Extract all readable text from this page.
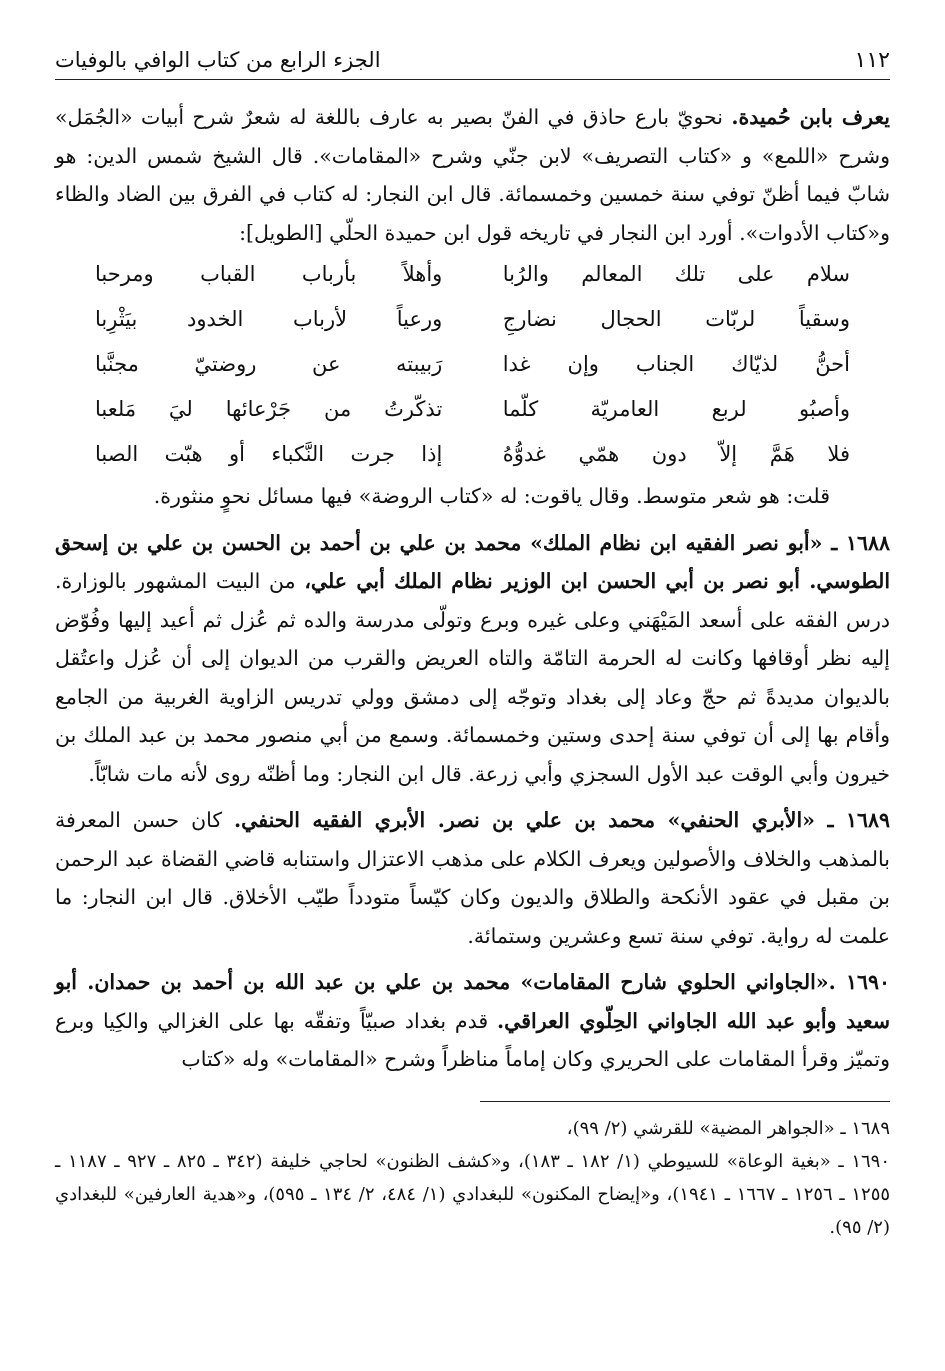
١١٢
الجزء الرابع من كتاب الوافي بالوفيات

يعرف بابن حُميدة. نحويّ بارع حاذق في الفنّ بصير به عارف باللغة له شعرٌ شرح أبيات «الجُمَل» وشرح «اللمع» و «كتاب التصريف» لابن جنّي وشرح «المقامات». قال الشيخ شمس الدين: هو شابّ فيما أظنّ توفي سنة خمسين وخمسمائة. قال ابن النجار: له كتاب في الفرق بين الضاد والظاء و«كتاب الأدوات». أورد ابن النجار في تاريخه قول ابن حميدة الحلّي [الطويل]:

سلام على تلك المعالم والرُبا
وأهلاً بأرباب القباب ومرحبا
وسقياً لربّات الحجال نضارجِ
ورعياً لأرباب الخدود بيَثْرِبا
أحنُّ لذيّاك الجناب وإن غدا
رَبيبته عن روضتيّ مجنَّبا
وأصبُو لربع العامريّة كلّما
تذكّرتُ من جَرْعائها ليَ مَلعبا
فلا هَمَّ إلاّ دون همّي غدوُّهُ
إذا جرت النَّكباء أو هبّت الصبا

قلت: هو شعر متوسط. وقال ياقوت: له «كتاب الروضة» فيها مسائل نحوٍ منثورة.

١٦٨٨ ـ «أبو نصر الفقيه ابن نظام الملك» محمد بن علي بن أحمد بن الحسن بن علي بن إسحق الطوسي. أبو نصر بن أبي الحسن ابن الوزير نظام الملك أبي علي، من البيت المشهور بالوزارة. درس الفقه على أسعد المَيْهَني وعلى غيره وبرع وتولّى مدرسة والده ثم عُزل ثم أعيد إليها وفُوّض إليه نظر أوقافها وكانت له الحرمة التامّة والتاه العريض والقرب من الديوان إلى أن عُزل واعتُقل بالديوان مديدةً ثم حجّ وعاد إلى بغداد وتوجّه إلى دمشق وولي تدريس الزاوية الغربية من الجامع وأقام بها إلى أن توفي سنة إحدى وستين وخمسمائة. وسمع من أبي منصور محمد بن عبد الملك بن خيرون وأبي الوقت عبد الأول السجزي وأبي زرعة. قال ابن النجار: وما أظنّه روى لأنه مات شابّاً.

١٦٨٩ ـ «الأبري الحنفي» محمد بن علي بن نصر. الأبري الفقيه الحنفي. كان حسن المعرفة بالمذهب والخلاف والأصولين ويعرف الكلام على مذهب الاعتزال واستنابه قاضي القضاة عبد الرحمن بن مقبل في عقود الأنكحة والطلاق والديون وكان كيّساً متودداً طيّب الأخلاق. قال ابن النجار: ما علمت له رواية. توفي سنة تسع وعشرين وستمائة.

١٦٩٠ .«الجاواني الحلوي شارح المقامات» محمد بن علي بن عبد الله بن أحمد بن حمدان. أبو سعيد وأبو عبد الله الجاواني الحِلّوي العراقي. قدم بغداد صبيّاً وتفقّه بها على الغزالي والكِيا وبرع وتميّز وقرأ المقامات على الحريري وكان إماماً مناظراً وشرح «المقامات» وله «كتاب

١٦٨٩ ـ «الجواهر المضية» للقرشي (٢/ ٩٩)،

١٦٩٠ ـ «بغية الوعاة» للسيوطي (١/ ١٨٢ ـ ١٨٣)، و«كشف الظنون» لحاجي خليفة (٣٤٢ ـ ٨٢٥ ـ ٩٢٧ ـ ١١٨٧ ـ ١٢٥٥ ـ ١٢٥٦ ـ ١٦٦٧ ـ ١٩٤١)، و«إيضاح المكنون» للبغدادي (١/ ٤٨٤، ٢/ ١٣٤ ـ ٥٩٥)، و«هدية العارفين» للبغدادي (٢/ ٩٥).
